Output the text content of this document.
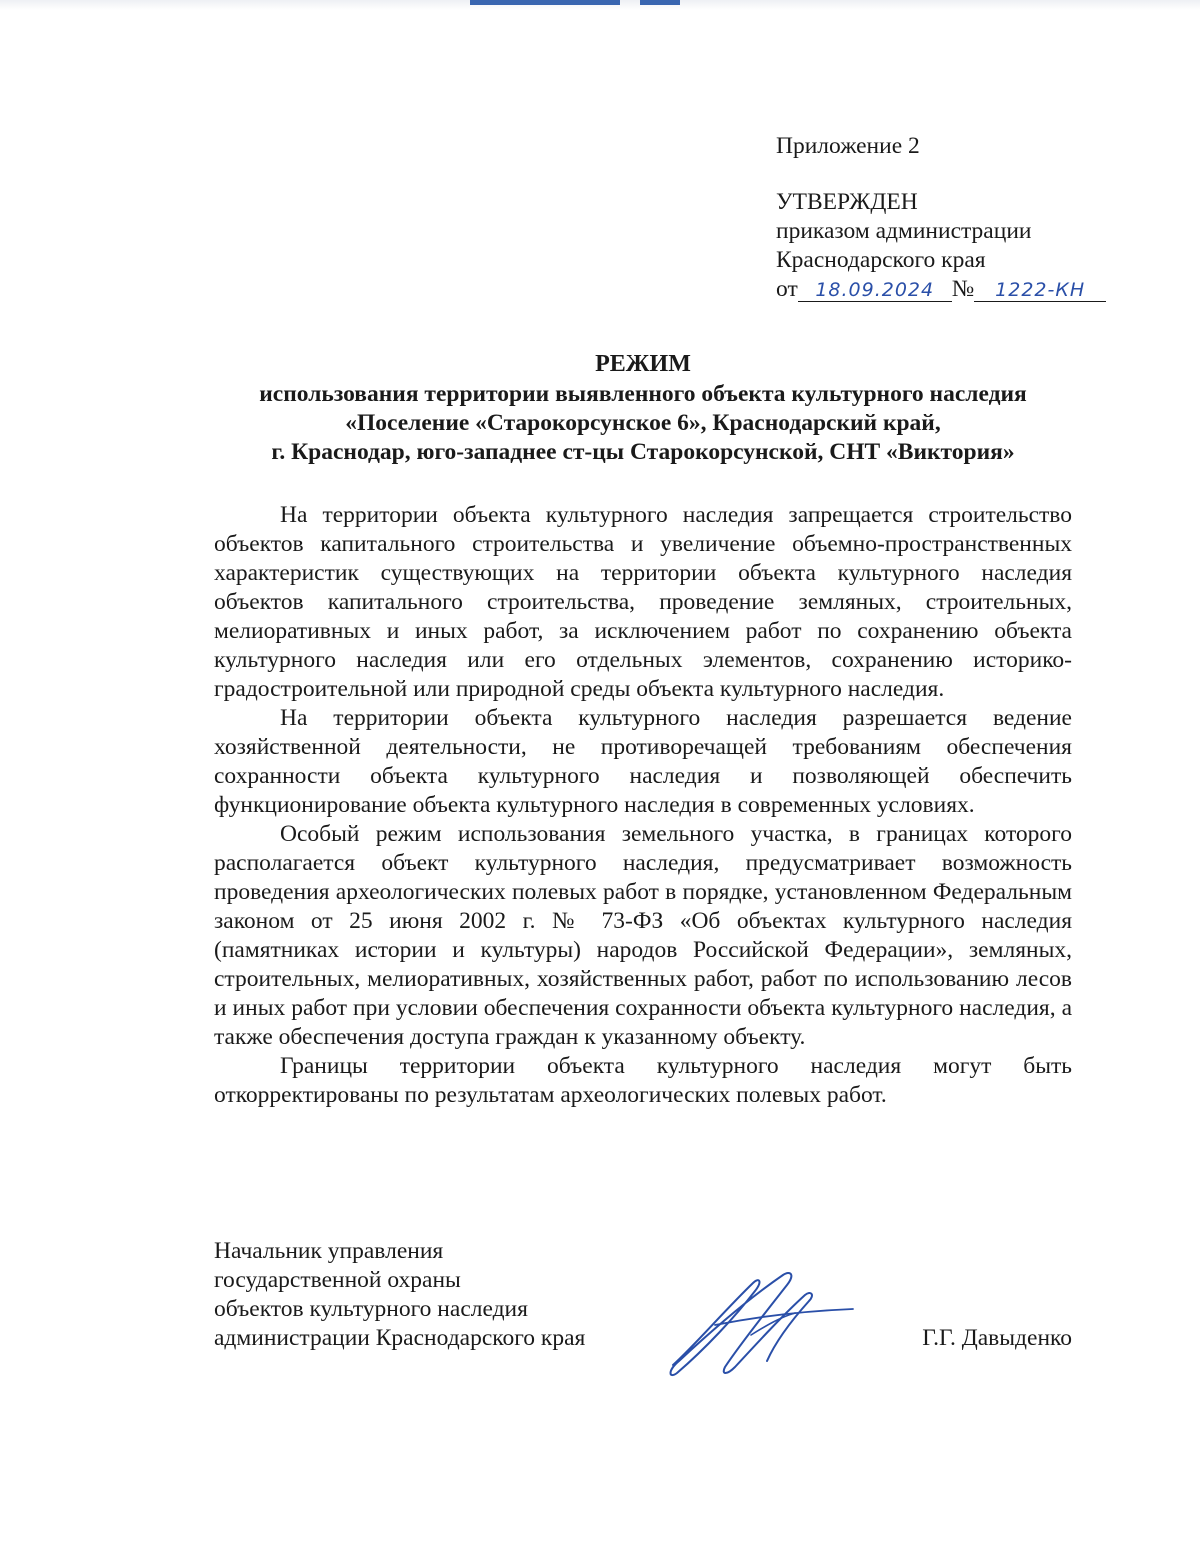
Приложение 2
УТВЕРЖДЕН
приказом администрации
Краснодарского края
от 18.09.2024 № 1222-КН
РЕЖИМ
использования территории выявленного объекта культурного наследия
«Поселение «Старокорсунское 6», Краснодарский край,
г. Краснодар, юго-западнее ст-цы Старокорсунской, СНТ «Виктория»

На территории объекта культурного наследия запрещается строительство объектов капитального строительства и увеличение объемно-пространственных характеристик существующих на территории объекта культурного наследия объектов капитального строительства, проведение земляных, строительных, мелиоративных и иных работ, за исключением работ по сохранению объекта культурного наследия или его отдельных элементов, сохранению историко-градостроительной или природной среды объекта культурного наследия.

На территории объекта культурного наследия разрешается ведение хозяйственной деятельности, не противоречащей требованиям обеспечения сохранности объекта культурного наследия и позволяющей обеспечить функционирование объекта культурного наследия в современных условиях.

Особый режим использования земельного участка, в границах которого располагается объект культурного наследия, предусматривает возможность проведения археологических полевых работ в порядке, установленном Федеральным законом от 25 июня 2002 г. № 73-ФЗ «Об объектах культурного наследия (памятниках истории и культуры) народов Российской Федерации», земляных, строительных, мелиоративных, хозяйственных работ, работ по использованию лесов и иных работ при условии обеспечения сохранности объекта культурного наследия, а также обеспечения доступа граждан к указанному объекту.

Границы территории объекта культурного наследия могут быть откорректированы по результатам археологических полевых работ.

Начальник управления
государственной охраны
объектов культурного наследия
администрации Краснодарского края	Г.Г. Давыденко
